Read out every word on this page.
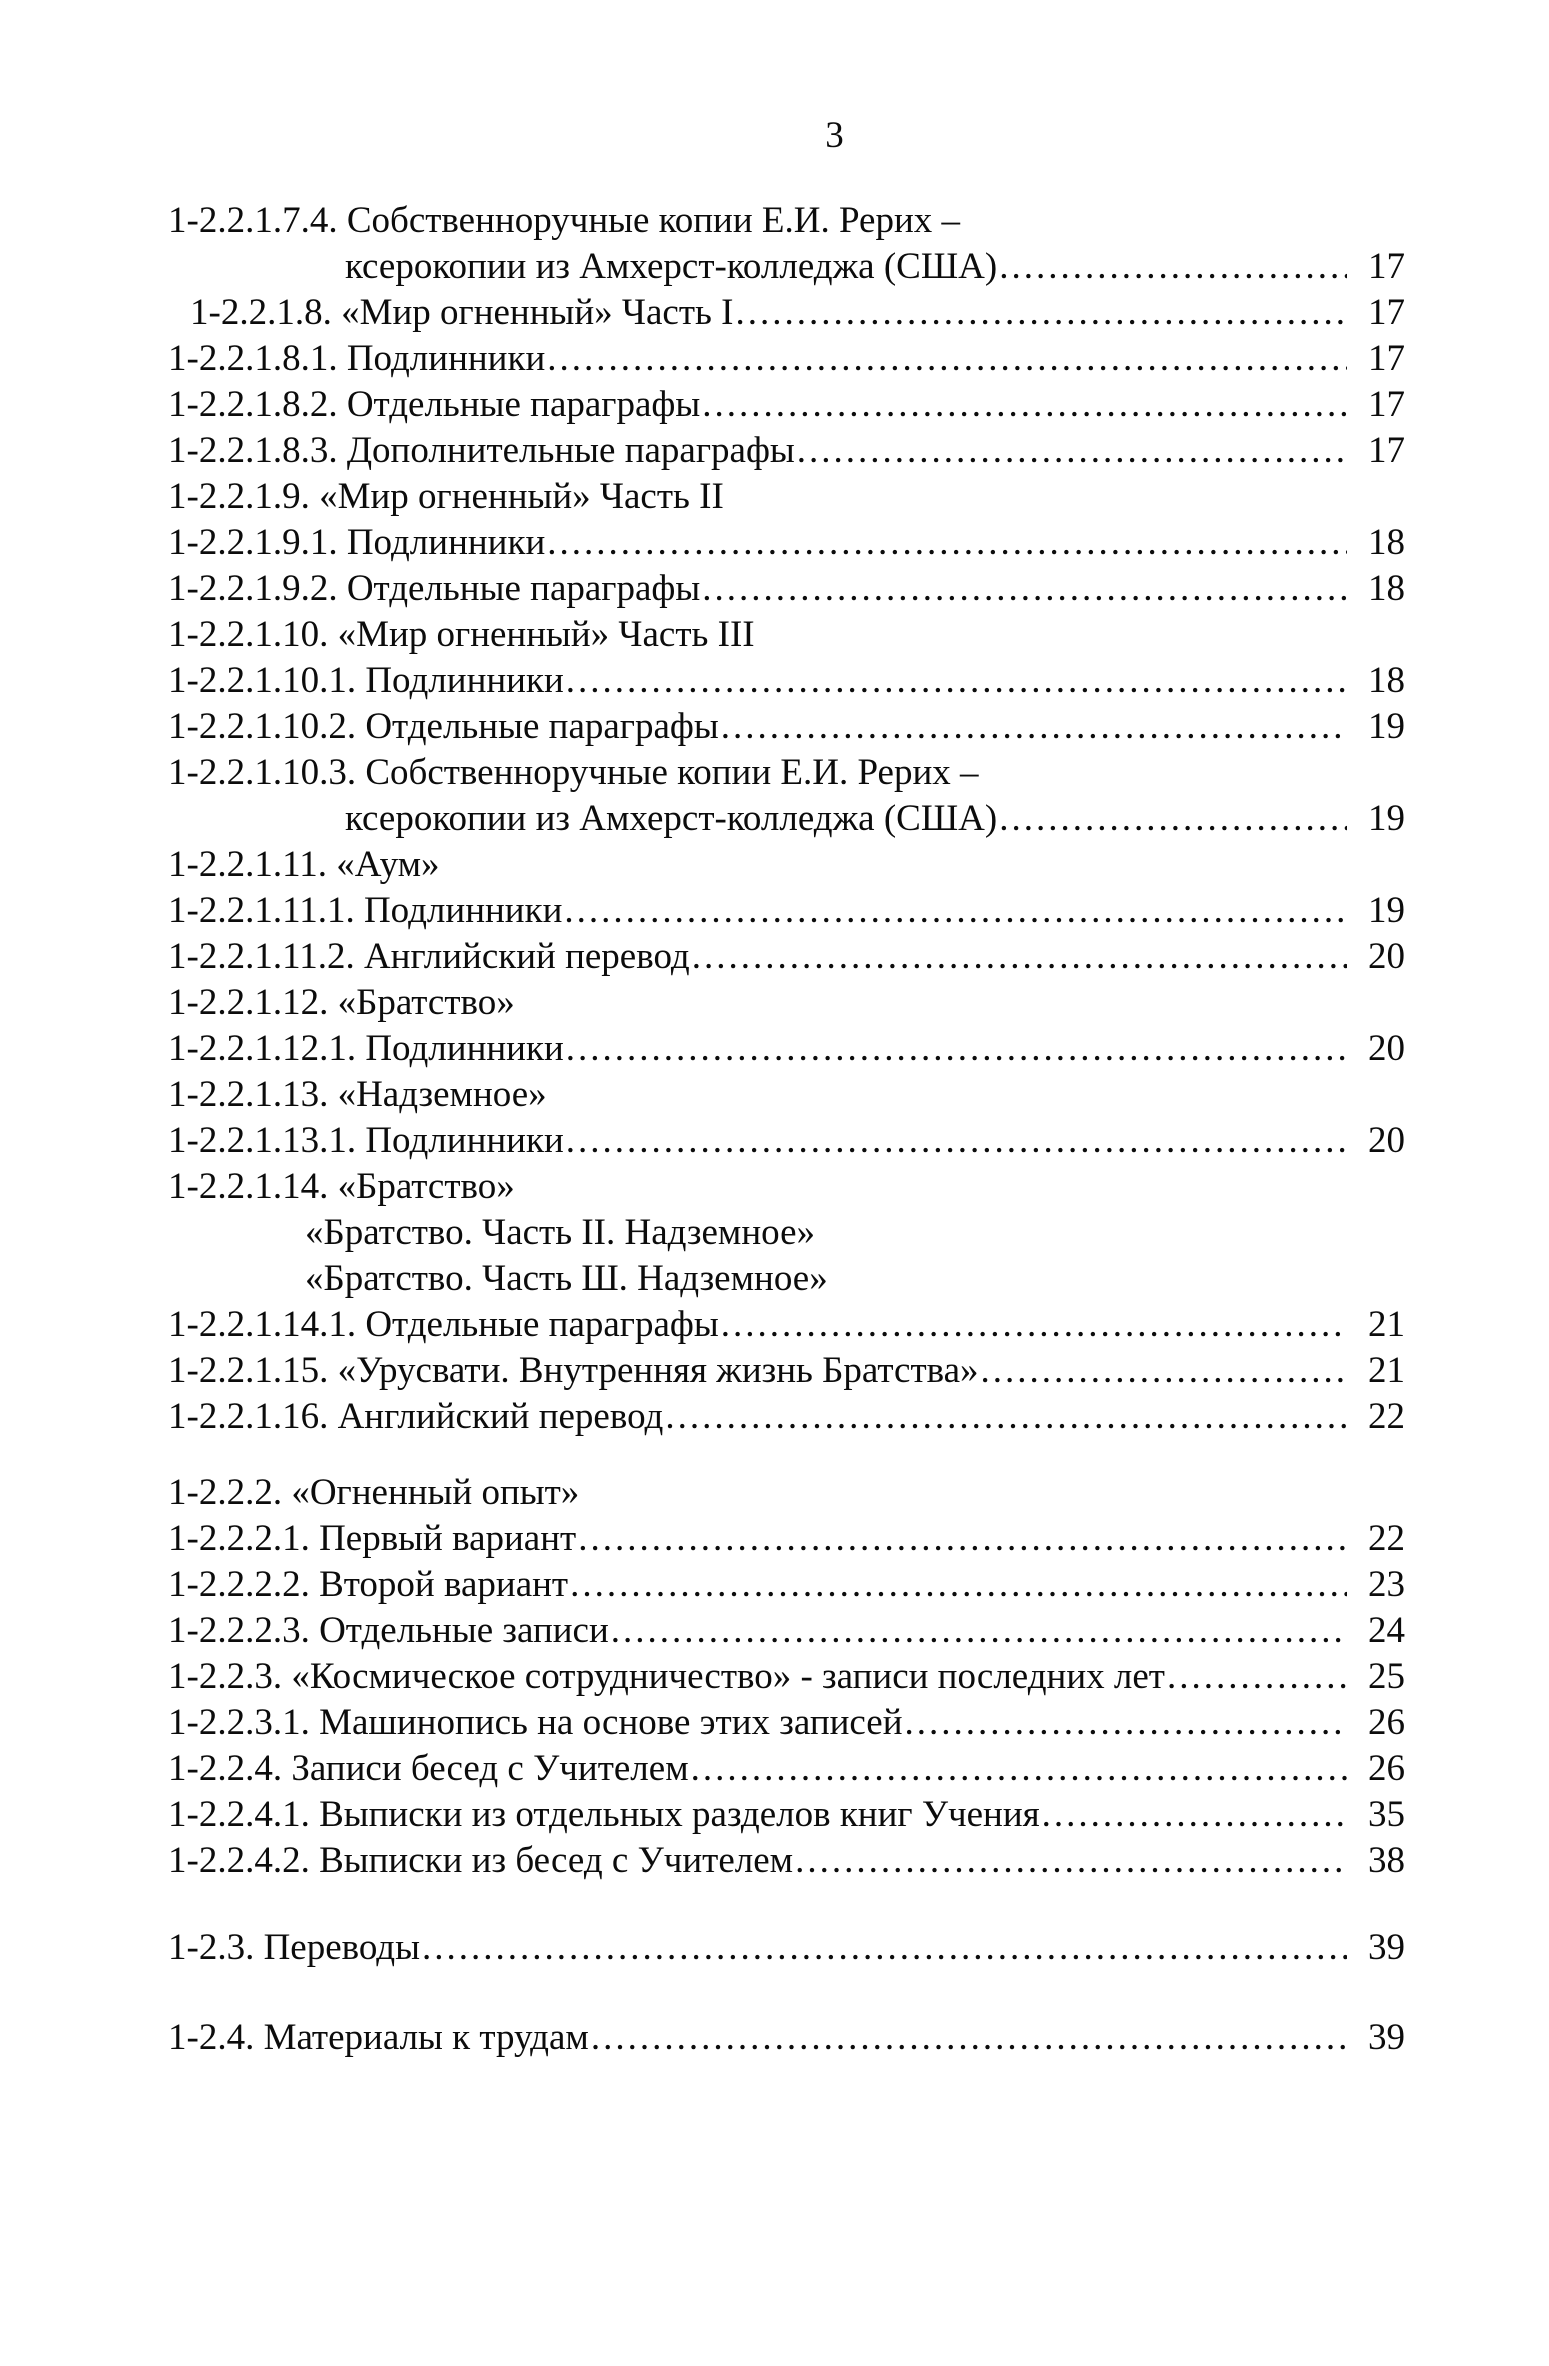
3
1-2.2.1.7.4. Собственноручные копии Е.И. Рерих –
ксерокопии из Амхерст-колледжа (США) .....	17
1-2.2.1.8. «Мир огненный» Часть I .....	17
1-2.2.1.8.1. Подлинники .....	17
1-2.2.1.8.2. Отдельные параграфы .....	17
1-2.2.1.8.3. Дополнительные параграфы .....	17
1-2.2.1.9. «Мир огненный» Часть II
1-2.2.1.9.1. Подлинники .....	18
1-2.2.1.9.2. Отдельные параграфы .....	18
1-2.2.1.10. «Мир огненный» Часть III
1-2.2.1.10.1. Подлинники .....	18
1-2.2.1.10.2. Отдельные параграфы .....	19
1-2.2.1.10.3. Собственноручные копии Е.И. Рерих –
ксерокопии из Амхерст-колледжа (США) .....	19
1-2.2.1.11. «Аум»
1-2.2.1.11.1. Подлинники .....	19
1-2.2.1.11.2. Английский перевод .....	20
1-2.2.1.12. «Братство»
1-2.2.1.12.1. Подлинники .....	20
1-2.2.1.13. «Надземное»
1-2.2.1.13.1. Подлинники .....	20
1-2.2.1.14. «Братство»
«Братство. Часть II. Надземное»
«Братство. Часть Ш. Надземное»
1-2.2.1.14.1. Отдельные параграфы .....	21
1-2.2.1.15. «Урусвати. Внутренняя жизнь Братства» .....	21
1-2.2.1.16. Английский перевод .....	22
1-2.2.2. «Огненный опыт»
1-2.2.2.1. Первый вариант .....	22
1-2.2.2.2. Второй вариант .....	23
1-2.2.2.3. Отдельные записи .....	24
1-2.2.3. «Космическое сотрудничество» - записи последних лет .....	25
1-2.2.3.1. Машинопись на основе этих записей .....	26
1-2.2.4. Записи бесед с Учителем .....	26
1-2.2.4.1. Выписки из отдельных разделов книг Учения .....	35
1-2.2.4.2. Выписки из бесед с Учителем .....	38
1-2.3. Переводы .....	39
1-2.4. Материалы к трудам .....	39
